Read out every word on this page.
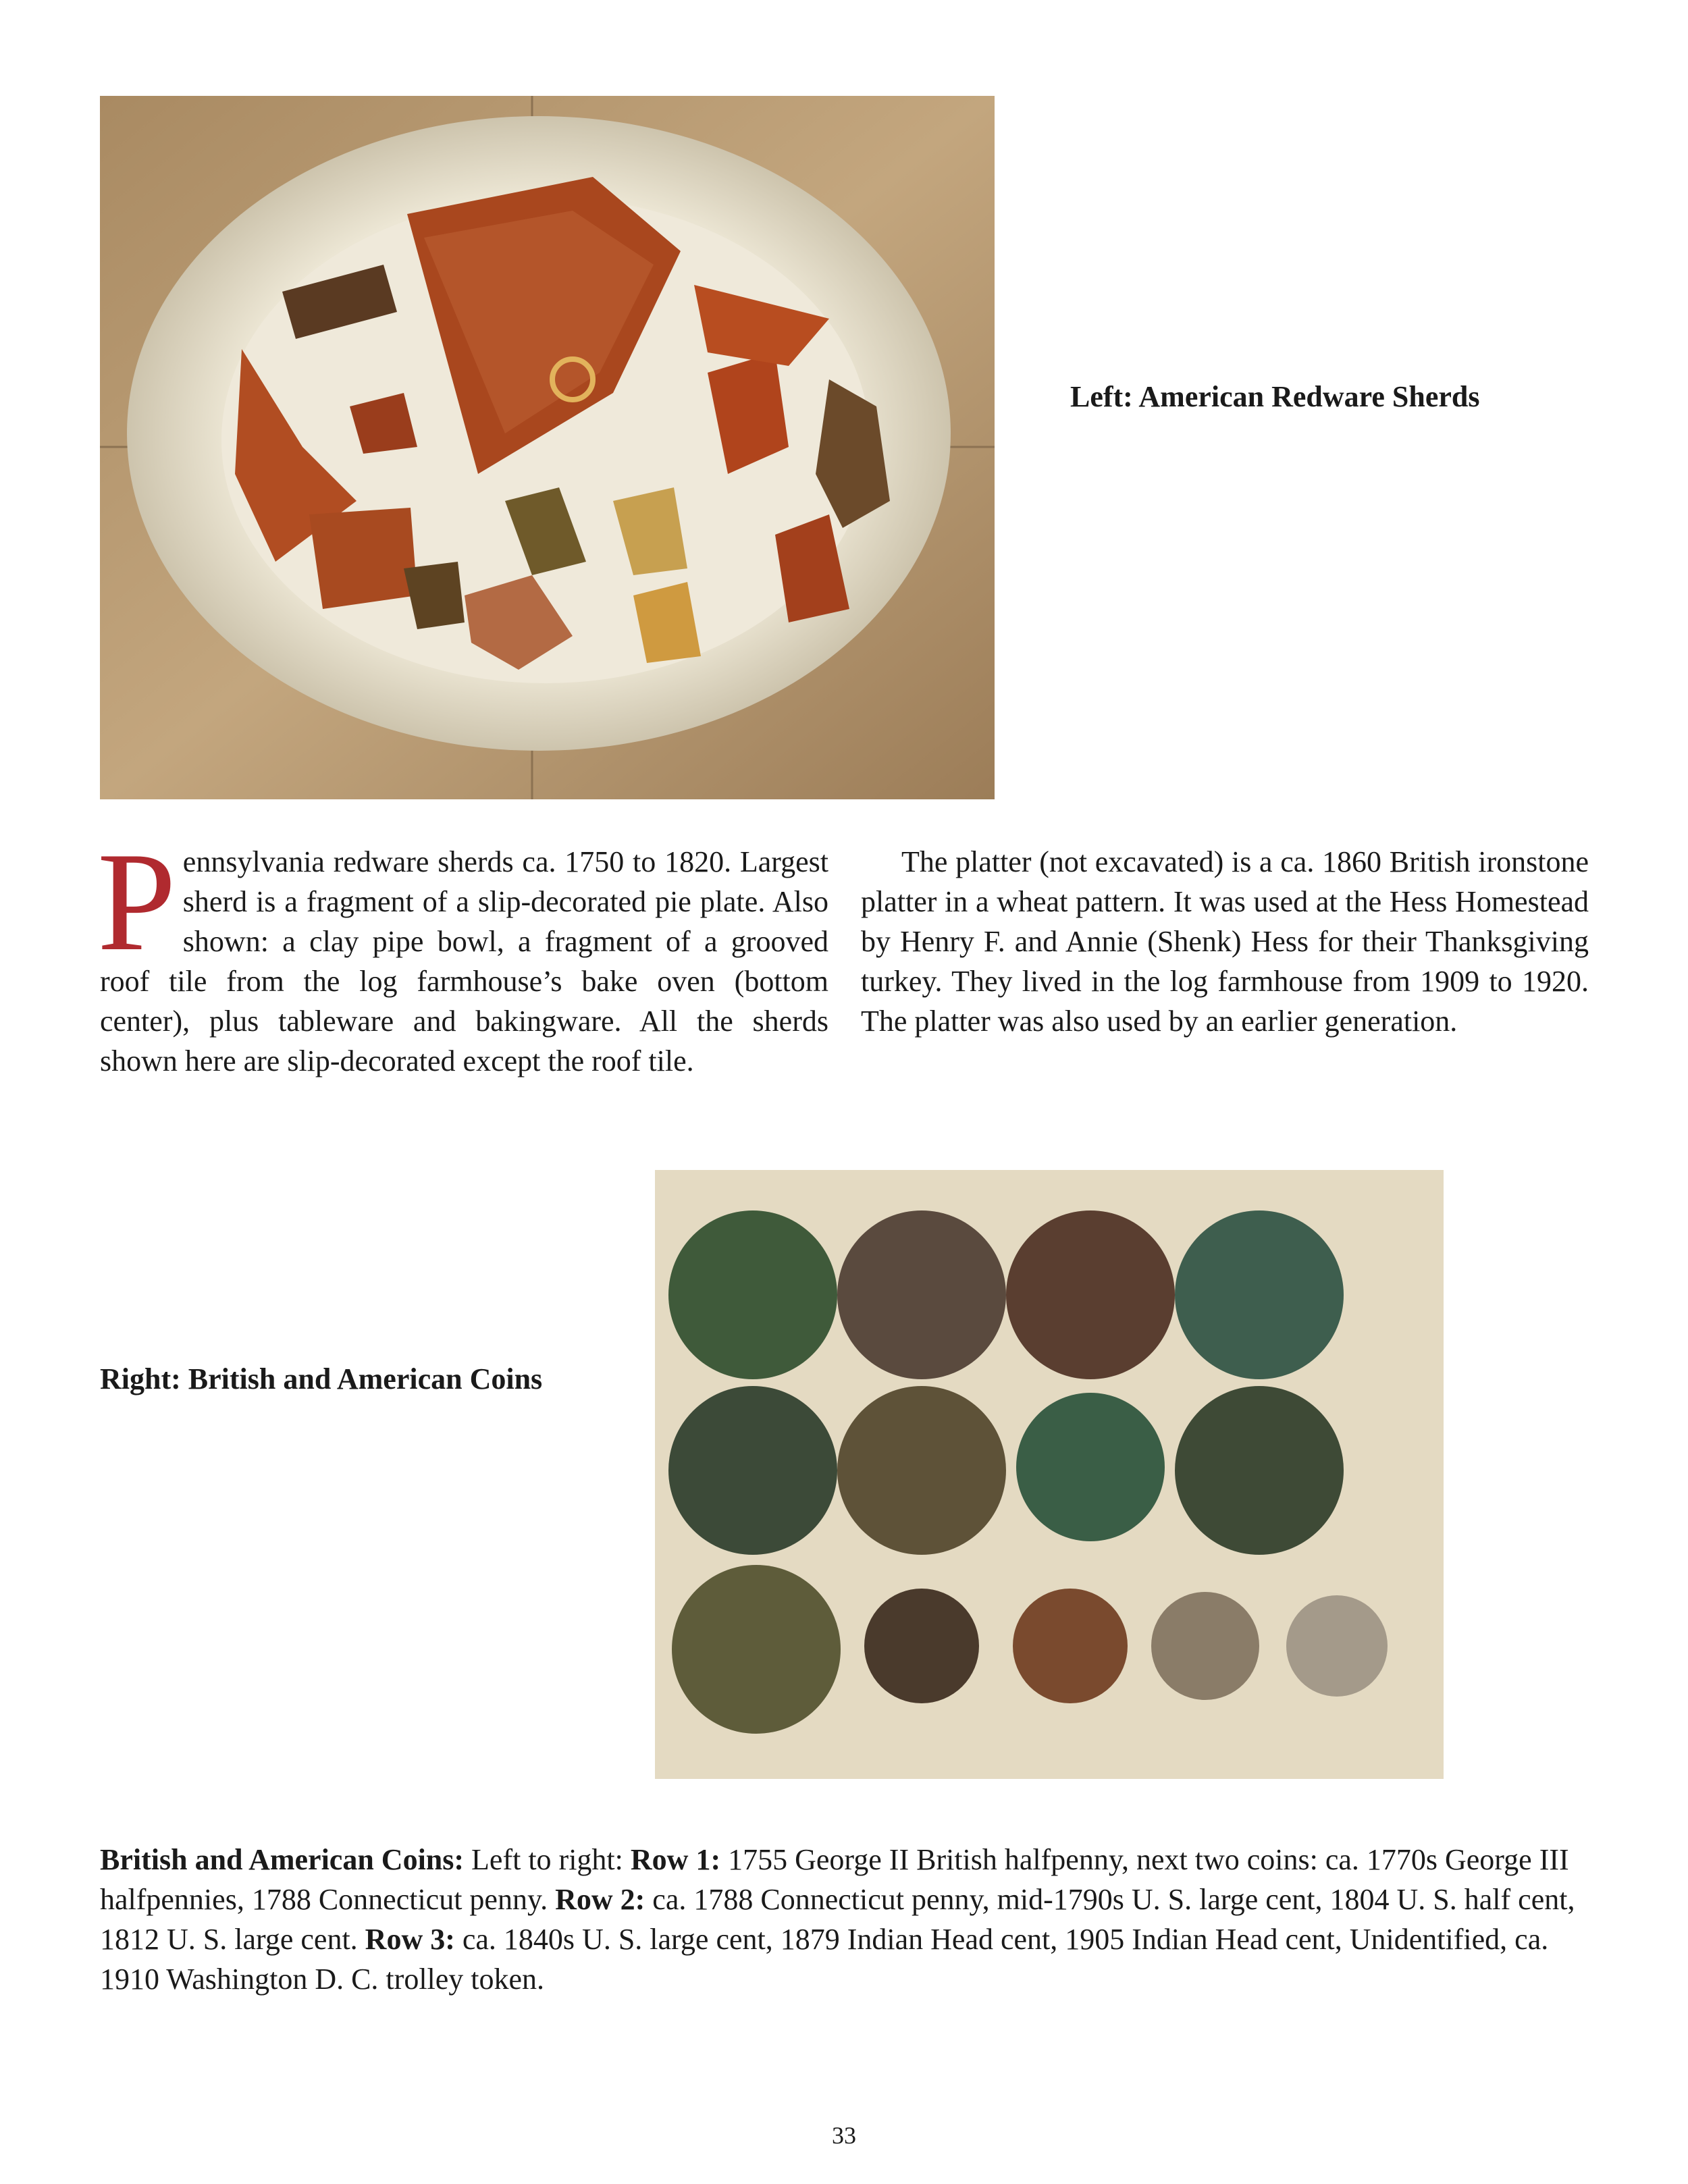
Left: American Redware Sherds
Pennsylvania redware sherds ca. 1750 to 1820. Largest sherd is a fragment of a slip-decorated pie plate. Also shown: a clay pipe bowl, a fragment of a grooved roof tile from the log farmhouse’s bake oven (bottom center), plus tableware and bakingware. All the sherds shown here are slip-decorated except the roof tile.
The platter (not excavated) is a ca. 1860 British ironstone platter in a wheat pattern. It was used at the Hess Homestead by Henry F. and Annie (Shenk) Hess for their Thanksgiving turkey. They lived in the log farmhouse from 1909 to 1920. The platter was also used by an earlier generation.
Right: British and American Coins
British and American Coins: Left to right: Row 1: 1755 George II British halfpenny, next two coins: ca. 1770s George III halfpennies, 1788 Connecticut penny. Row 2: ca. 1788 Connecticut penny, mid-1790s U. S. large cent, 1804 U. S. half cent, 1812 U. S. large cent. Row 3: ca. 1840s U. S. large cent, 1879 Indian Head cent, 1905 Indian Head cent, Unidentified, ca. 1910 Washington D. C. trolley token.
33
